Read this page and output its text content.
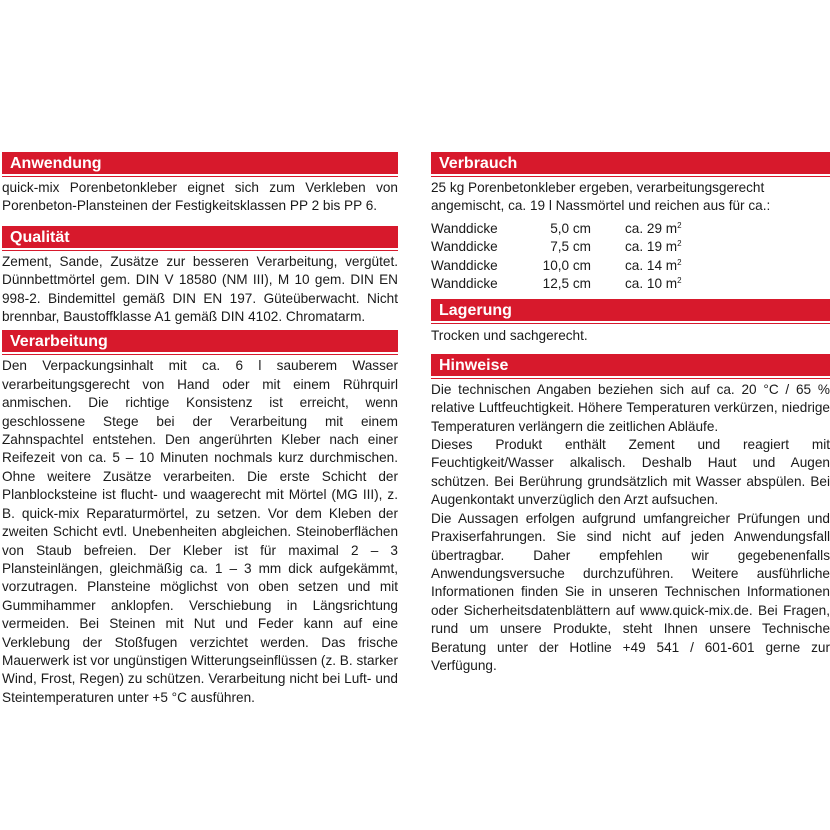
Anwendung

quick-mix Porenbetonkleber eignet sich zum Verkleben von Porenbeton-Plansteinen der Festigkeitsklassen PP 2 bis PP 6.

Qualität

Zement, Sande, Zusätze zur besseren Verarbeitung, vergütet. Dünnbettmörtel gem. DIN V 18580 (NM III), M 10 gem. DIN EN 998-2. Bindemittel gemäß DIN EN 197. Güteüberwacht. Nicht brennbar, Baustoffklasse A1 gemäß DIN 4102. Chromatarm.

Verarbeitung

Den Verpackungsinhalt mit ca. 6 l sauberem Wasser verarbeitungsgerecht von Hand oder mit einem Rührquirl anmischen. Die richtige Konsistenz ist erreicht, wenn geschlossene Stege bei der Verarbeitung mit einem Zahnspachtel entstehen. Den angerührten Kleber nach einer Reifezeit von ca. 5 – 10 Minuten nochmals kurz durchmischen. Ohne weitere Zusätze verarbeiten. Die erste Schicht der Planblocksteine ist flucht- und waagerecht mit Mörtel (MG III), z. B. quick-mix Reparaturmörtel, zu setzen. Vor dem Kleben der zweiten Schicht evtl. Unebenheiten abgleichen. Steinoberflächen von Staub befreien. Der Kleber ist für maximal 2 – 3 Plansteinlängen, gleichmäßig ca. 1 – 3 mm dick aufgekämmt, vorzutragen. Plansteine möglichst von oben setzen und mit Gummihammer anklopfen. Verschiebung in Längsrichtung vermeiden. Bei Steinen mit Nut und Feder kann auf eine Verklebung der Stoßfugen verzichtet werden. Das frische Mauerwerk ist vor ungünstigen Witterungseinflüssen (z. B. starker Wind, Frost, Regen) zu schützen. Verarbeitung nicht bei Luft- und Steintemperaturen unter +5 °C ausführen.

Verbrauch

25 kg Porenbetonkleber ergeben, verarbeitungsgerecht angemischt, ca. 19 l Nassmörtel und reichen aus für ca.:

Wanddicke	5,0 cm		ca. 29 $m^2$
Wanddicke	7,5 cm		ca. 19 $m^2$
Wanddicke	10,0 cm		ca. 14 $m^2$
Wanddicke	12,5 cm		ca. 10 $m^2$
Lagerung

Trocken und sachgerecht.

Hinweise

Die technischen Angaben beziehen sich auf ca. 20 °C / 65 % relative Luftfeuchtigkeit. Höhere Temperaturen verkürzen, niedrige Temperaturen verlängern die zeitlichen Abläufe.

Dieses Produkt enthält Zement und reagiert mit Feuchtigkeit/Wasser alkalisch. Deshalb Haut und Augen schützen. Bei Berührung grundsätzlich mit Wasser abspülen. Bei Augenkontakt unverzüglich den Arzt aufsuchen.

Die Aussagen erfolgen aufgrund umfangreicher Prüfungen und Praxiserfahrungen. Sie sind nicht auf jeden Anwendungsfall übertragbar. Daher empfehlen wir gegebenenfalls Anwendungsversuche durchzuführen. Weitere ausführliche Informationen finden Sie in unseren Technischen Informationen oder Sicherheitsdatenblättern auf www.quick-mix.de. Bei Fragen, rund um unsere Produkte, steht Ihnen unsere Technische Beratung unter der Hotline +49 541 / 601-601 gerne zur Verfügung.
